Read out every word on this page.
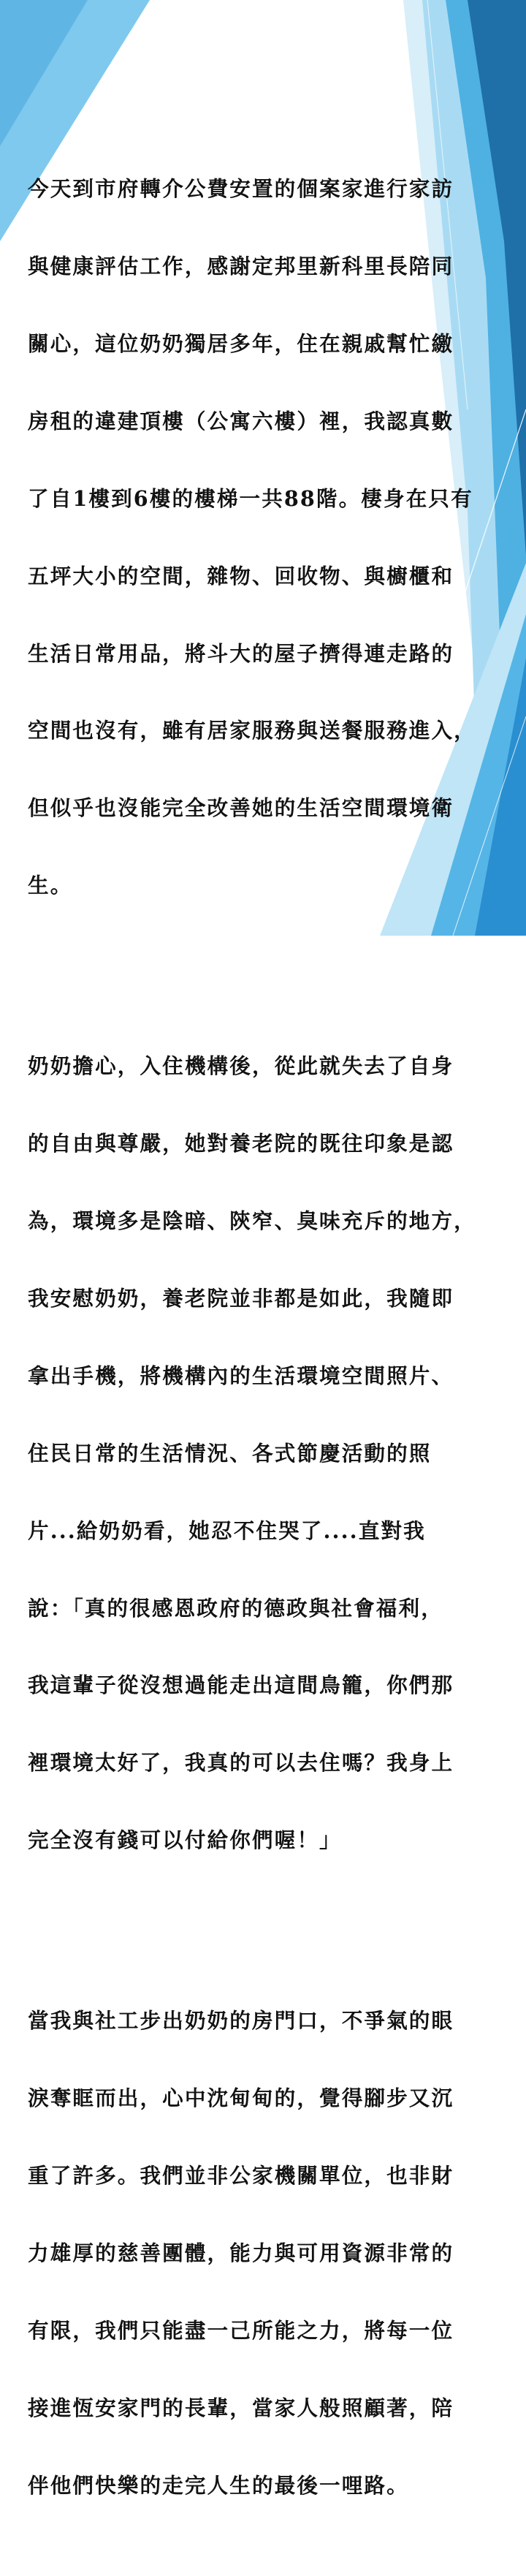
今天到市府轉介公費安置的個案家進行家訪

與健康評估工作，感謝定邦里新科里長陪同

關心，這位奶奶獨居多年，住在親戚幫忙繳

房租的違建頂樓（公寓六樓）裡，我認真數

了自1樓到6樓的樓梯一共88階。棲身在只有

五坪大小的空間，雜物、回收物、與櫥櫃和

生活日常用品，將斗大的屋子擠得連走路的

空間也沒有，雖有居家服務與送餐服務進入，

但似乎也沒能完全改善她的生活空間環境衛

生。

奶奶擔心，入住機構後，從此就失去了自身

的自由與尊嚴，她對養老院的既往印象是認

為，環境多是陰暗、陝窄、臭味充斥的地方，

我安慰奶奶，養老院並非都是如此，我隨即

拿出手機，將機構內的生活環境空間照片、

住民日常的生活情況、各式節慶活動的照

片...給奶奶看，她忍不住哭了....直對我

說：「真的很感恩政府的德政與社會福利，

我這輩子從沒想過能走出這間鳥籠，你們那

裡環境太好了，我真的可以去住嗎？我身上

完全沒有錢可以付給你們喔！」

當我與社工步出奶奶的房門口，不爭氣的眼

淚奪眶而出，心中沈甸甸的，覺得腳步又沉

重了許多。我們並非公家機關單位，也非財

力雄厚的慈善團體，能力與可用資源非常的

有限，我們只能盡一己所能之力，將每一位

接進恆安家門的長輩，當家人般照顧著，陪

伴他們快樂的走完人生的最後一哩路。
